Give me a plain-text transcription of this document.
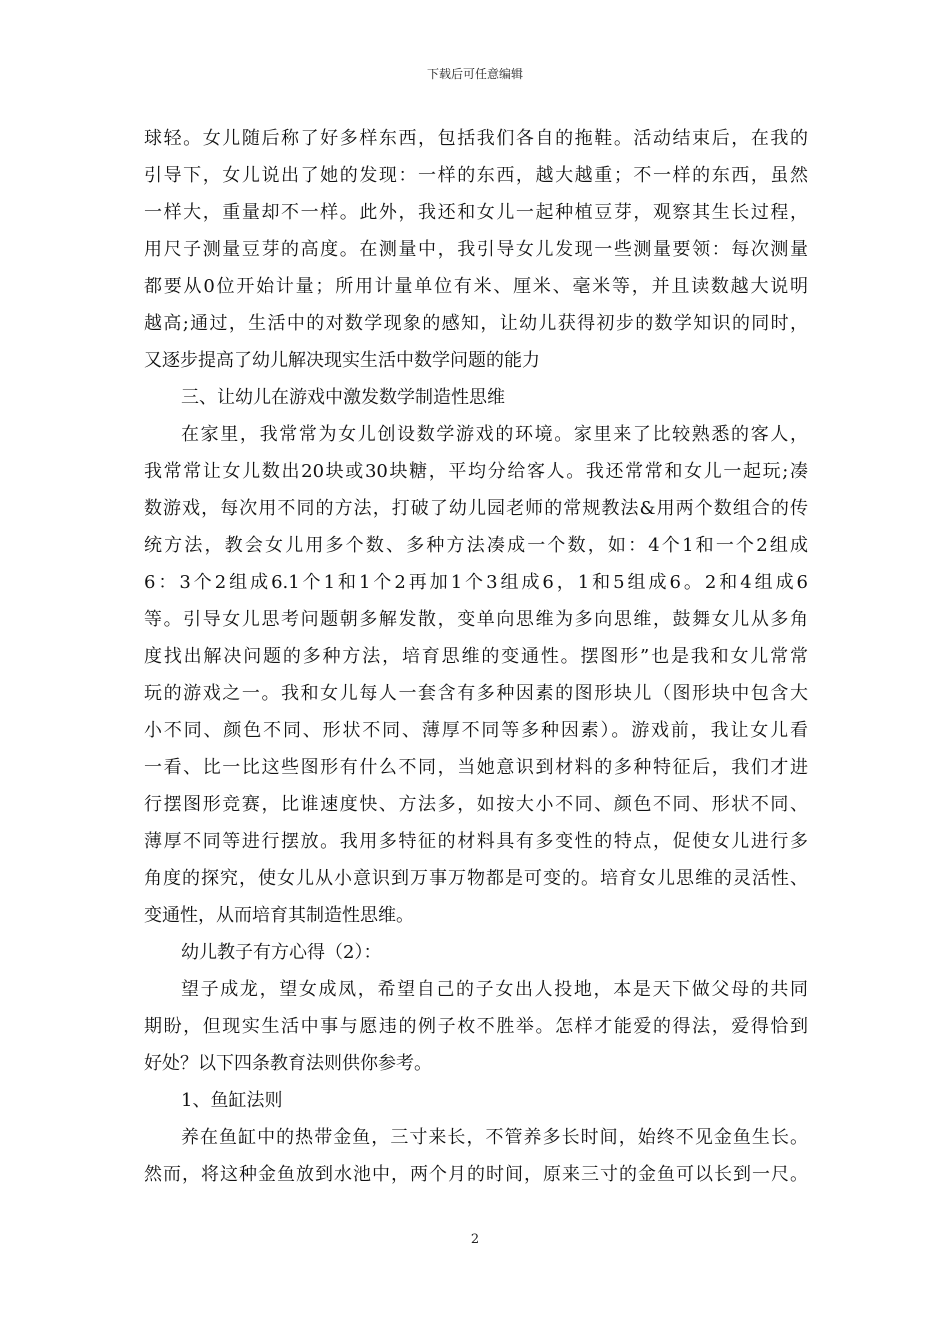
下载后可任意编辑
球轻。女儿随后称了好多样东西，包括我们各自的拖鞋。活动结束后，在我的
引导下，女儿说出了她的发现：一样的东西，越大越重；不一样的东西，虽然
一样大，重量却不一样。此外，我还和女儿一起种植豆芽，观察其生长过程，
用尺子测量豆芽的高度。在测量中，我引导女儿发现一些测量要领：每次测量
都要从0位开始计量；所用计量单位有米、厘米、毫米等，并且读数越大说明
越高;通过，生活中的对数学现象的感知，让幼儿获得初步的数学知识的同时，
又逐步提高了幼儿解决现实生活中数学问题的能力
三、让幼儿在游戏中激发数学制造性思维
在家里，我常常为女儿创设数学游戏的环境。家里来了比较熟悉的客人，
我常常让女儿数出20块或30块糖，平均分给客人。我还常常和女儿一起玩;凑
数游戏，每次用不同的方法，打破了幼儿园老师的常规教法&用两个数组合的传
统方法，教会女儿用多个数、多种方法凑成一个数，如：4个1和一个2组成
6：3个2组成6.1个1和1个2再加1个3组成6，1和5组成6。2和4组成6
等。引导女儿思考问题朝多解发散，变单向思维为多向思维，鼓舞女儿从多角
度找出解决问题的多种方法，培育思维的变通性。摆图形”也是我和女儿常常
玩的游戏之一。我和女儿每人一套含有多种因素的图形块儿（图形块中包含大
小不同、颜色不同、形状不同、薄厚不同等多种因素）。游戏前，我让女儿看
一看、比一比这些图形有什么不同，当她意识到材料的多种特征后，我们才进
行摆图形竞赛，比谁速度快、方法多，如按大小不同、颜色不同、形状不同、
薄厚不同等进行摆放。我用多特征的材料具有多变性的特点，促使女儿进行多
角度的探究，使女儿从小意识到万事万物都是可变的。培育女儿思维的灵活性、
变通性，从而培育其制造性思维。
幼儿教子有方心得（2）：
望子成龙，望女成凤，希望自己的子女出人投地，本是天下做父母的共同
期盼，但现实生活中事与愿违的例子枚不胜举。怎样才能爱的得法，爱得恰到
好处？以下四条教育法则供你参考。
1、鱼缸法则
养在鱼缸中的热带金鱼，三寸来长，不管养多长时间，始终不见金鱼生长。
然而，将这种金鱼放到水池中，两个月的时间，原来三寸的金鱼可以长到一尺。
2
